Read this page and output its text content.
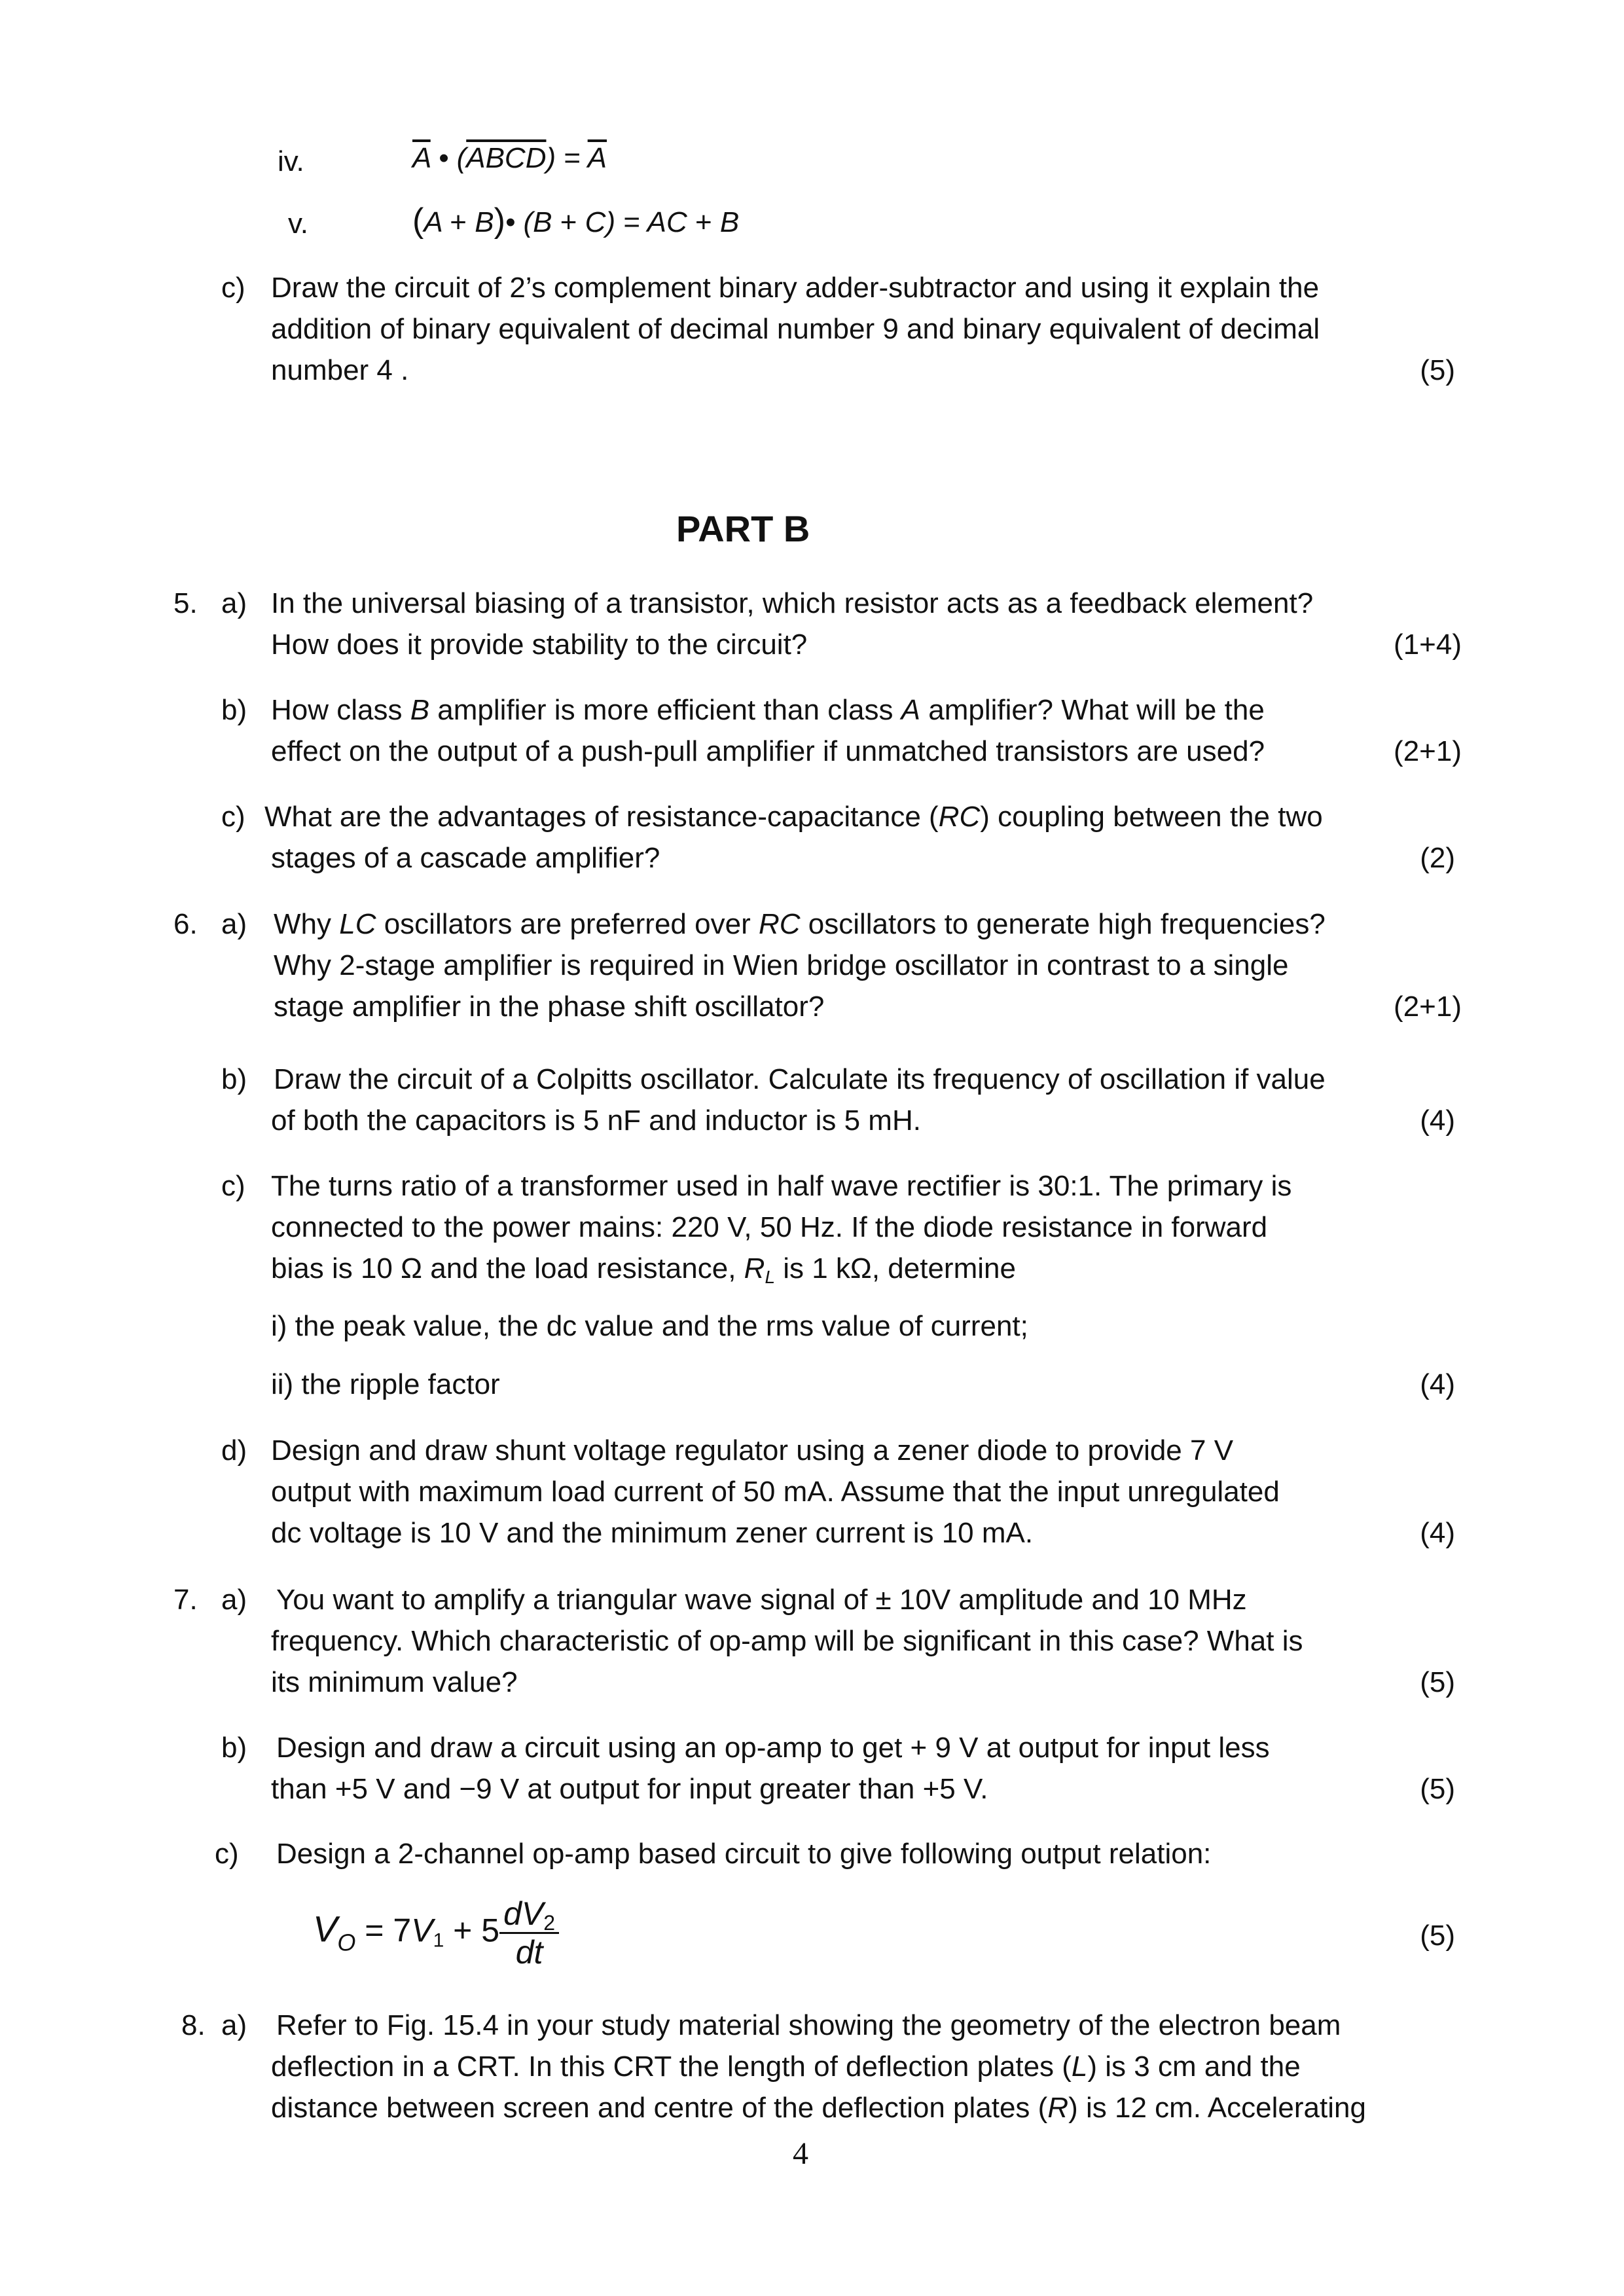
iv.	$\overline{A}$ • (ABCD) = $\overline{A}$
v.	(A + B)• (B + C) = AC + B
c) Draw the circuit of 2’s complement binary adder-subtractor and using it explain the
addition of binary equivalent of decimal number 9 and binary equivalent of decimal
number 4 .	(5)
PART B
5. a) In the universal biasing of a transistor, which resistor acts as a feedback element?
How does it provide stability to the circuit?	(1+4)
b) How class B amplifier is more efficient than class A amplifier? What will be the
effect on the output of a push-pull amplifier if unmatched transistors are used?	(2+1)
c) What are the advantages of resistance-capacitance (RC) coupling between the two
stages of a cascade amplifier?	(2)
6. a) Why LC oscillators are preferred over RC oscillators to generate high frequencies?
Why 2-stage amplifier is required in Wien bridge oscillator in contrast to a single
stage amplifier in the phase shift oscillator?	(2+1)
b) Draw the circuit of a Colpitts oscillator. Calculate its frequency of oscillation if value
of both the capacitors is 5 nF and inductor is 5 mH.	(4)
c) The turns ratio of a transformer used in half wave rectifier is 30:1. The primary is
connected to the power mains: 220 V, 50 Hz. If the diode resistance in forward
bias is 10 Ω and the load resistance, $R_L$ is 1 kΩ, determine
i) the peak value, the dc value and the rms value of current;
ii) the ripple factor	(4)
d) Design and draw shunt voltage regulator using a zener diode to provide 7 V
output with maximum load current of 50 mA. Assume that the input unregulated
dc voltage is 10 V and the minimum zener current is 10 mA.	(4)
7. a) You want to amplify a triangular wave signal of ± 10V amplitude and 10 MHz
frequency. Which characteristic of op-amp will be significant in this case? What is
its minimum value?	(5)
b) Design and draw a circuit using an op-amp to get + 9 V at output for input less
than +5 V and −9 V at output for input greater than +5 V.	(5)
c) Design a 2-channel op-amp based circuit to give following output relation:
$V_O = 7V_1 + 5 \frac{dV_2}{dt}$	(5)
8. a) Refer to Fig. 15.4 in your study material showing the geometry of the electron beam
deflection in a CRT. In this CRT the length of deflection plates (L) is 3 cm and the
distance between screen and centre of the deflection plates (R) is 12 cm. Accelerating
4
